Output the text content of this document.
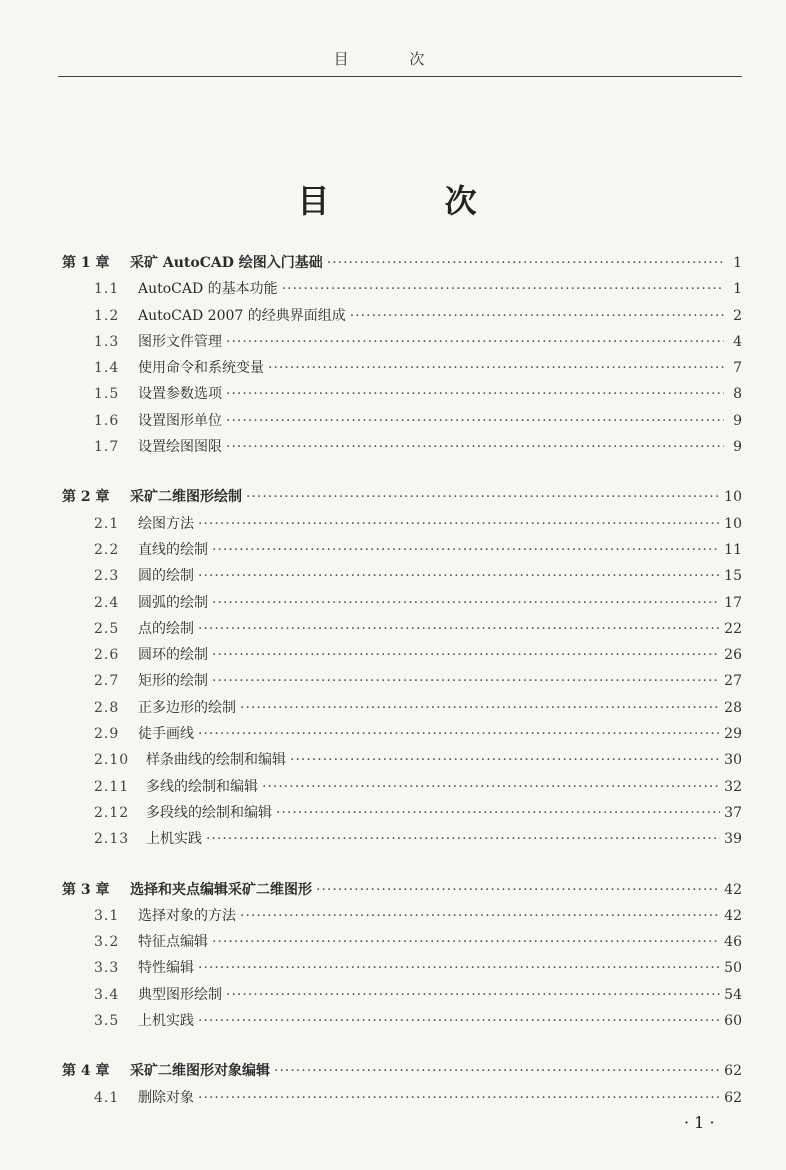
目 次
目 次
第 1 章	采矿 AutoCAD 绘图入门基础 ·····	1
1.1	AutoCAD 的基本功能 ·····	1
1.2	AutoCAD 2007 的经典界面组成 ·····	2
1.3	图形文件管理 ·····	4
1.4	使用命令和系统变量 ·····	7
1.5	设置参数选项 ·····	8
1.6	设置图形单位 ·····	9
1.7	设置绘图图限 ·····	9
第 2 章	采矿二维图形绘制 ·····	10
2.1	绘图方法 ·····	10
2.2	直线的绘制 ·····	11
2.3	圆的绘制 ·····	15
2.4	圆弧的绘制 ·····	17
2.5	点的绘制 ·····	22
2.6	圆环的绘制 ·····	26
2.7	矩形的绘制 ·····	27
2.8	正多边形的绘制 ·····	28
2.9	徒手画线 ·····	29
2.10	样条曲线的绘制和编辑 ·····	30
2.11	多线的绘制和编辑 ·····	32
2.12	多段线的绘制和编辑 ·····	37
2.13	上机实践 ·····	39
第 3 章	选择和夹点编辑采矿二维图形 ·····	42
3.1	选择对象的方法 ·····	42
3.2	特征点编辑 ·····	46
3.3	特性编辑 ·····	50
3.4	典型图形绘制 ·····	54
3.5	上机实践 ·····	60
第 4 章	采矿二维图形对象编辑 ·····	62
4.1	删除对象 ·····	62
· 1 ·
